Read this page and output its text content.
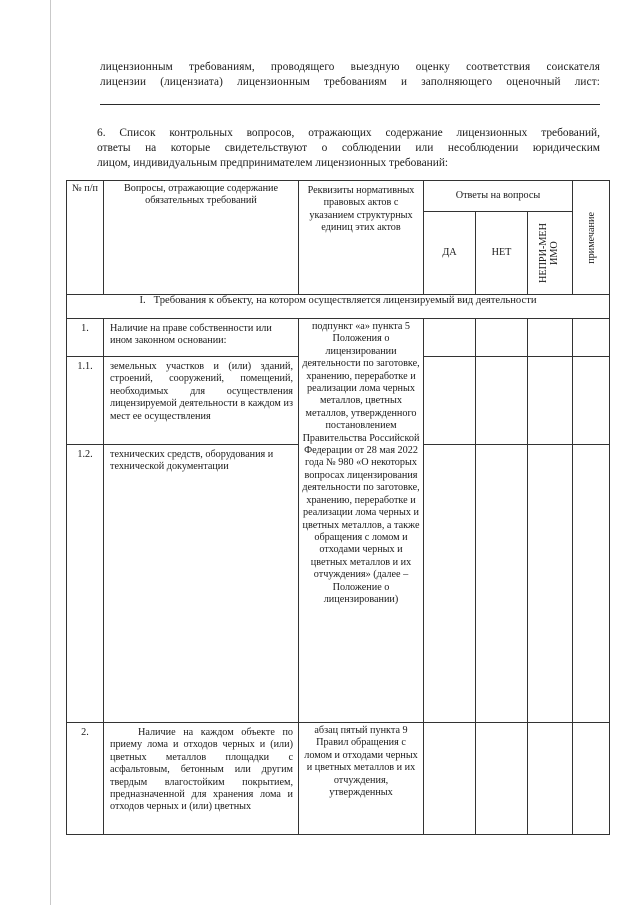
лицензионным требованиям, проводящего выездную оценку соответствия соискателя

лицензии (лицензиата) лицензионным требованиям и заполняющего оценочный лист:

6. Список контрольных вопросов, отражающих содержание лицензионных требований,

ответы на которые свидетельствуют о соблюдении или несоблюдении юридическим

лицом, индивидуальным предпринимателем лицензионных требований:

№ п/п	Вопросы, отражающие содержание обязательных требований	Реквизиты нормативных правовых актов с указанием структурных единиц этих актов	Ответы на вопросы			примечание

			ДА	НЕТ	НЕПРИ-МЕНИМО	

I. Требования к объекту, на котором осуществляется лицензируемый вид деятельности						
1.	Наличие на праве собственности или ином законном основании:	подпункт «а» пункта 5 Положения о лицензировании деятельности по заготовке, хранению, переработке и реализации лома черных металлов, цветных металлов, утвержденного постановлением Правительства Российской Федерации от 28 мая 2022 года № 980 «О некоторых вопросах лицензирования деятельности по заготовке, хранению, переработке и реализации лома черных и цветных металлов, а также обращения с ломом и отходами черных и цветных металлов и их отчуждения» (далее – Положение о лицензировании)				
1.1.	земельных участков и (или) зданий, строений, сооружений, помещений, необходимых для осуществления лицензируемой деятельности в каждом из мест ее осуществления					
1.2.	технических средств, оборудования и технической документации					
2.	Наличие на каждом объекте по приему лома и отходов черных и (или) цветных металлов площадки с асфальтовым, бетонным или другим твердым влагостойким покрытием, предназначенной для хранения лома и отходов черных и (или) цветных	абзац пятый пункта 9 Правил обращения с ломом и отходами черных и цветных металлов и их отчуждения, утвержденных				
